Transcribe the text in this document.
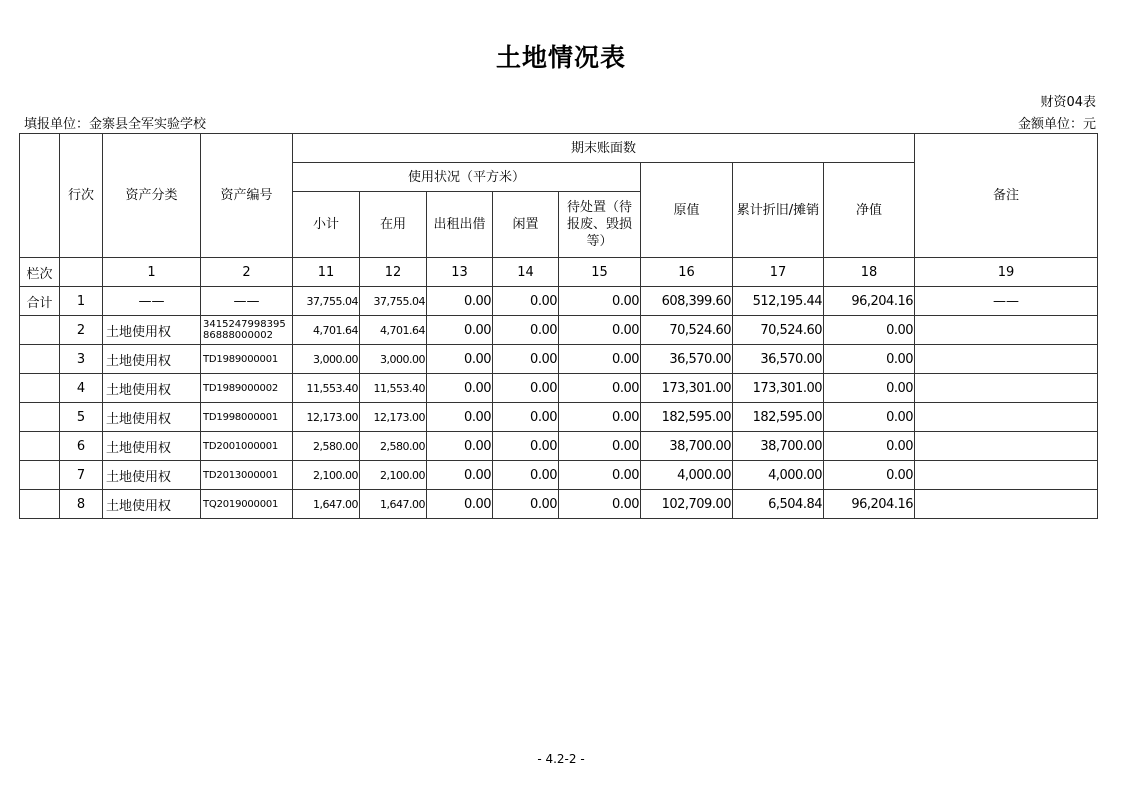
土地情况表
财资04表
填报单位：金寨县全军实验学校	金额单位：元
	行次	资产分类	资产编号	期末账面数								备注
				使用状况（平方米）					原值	累计折旧/摊销	净值	
				小计	在用	出租出借	闲置	待处置（待报废、毁损等）				
栏次		1	2	11	12	13	14	15	16	17	18	19
合计	1	——	——	37,755.04	37,755.04	0.00	0.00	0.00	608,399.60	512,195.44	96,204.16	——
	2	土地使用权	3415247998395
86888000002	4,701.64	4,701.64	0.00	0.00	0.00	70,524.60	70,524.60	0.00	
	3	土地使用权	TD1989000001	3,000.00	3,000.00	0.00	0.00	0.00	36,570.00	36,570.00	0.00	
	4	土地使用权	TD1989000002	11,553.40	11,553.40	0.00	0.00	0.00	173,301.00	173,301.00	0.00	
	5	土地使用权	TD1998000001	12,173.00	12,173.00	0.00	0.00	0.00	182,595.00	182,595.00	0.00	
	6	土地使用权	TD2001000001	2,580.00	2,580.00	0.00	0.00	0.00	38,700.00	38,700.00	0.00	
	7	土地使用权	TD2013000001	2,100.00	2,100.00	0.00	0.00	0.00	4,000.00	4,000.00	0.00	
	8	土地使用权	TQ2019000001	1,647.00	1,647.00	0.00	0.00	0.00	102,709.00	6,504.84	96,204.16	
- 4.2-2 -
